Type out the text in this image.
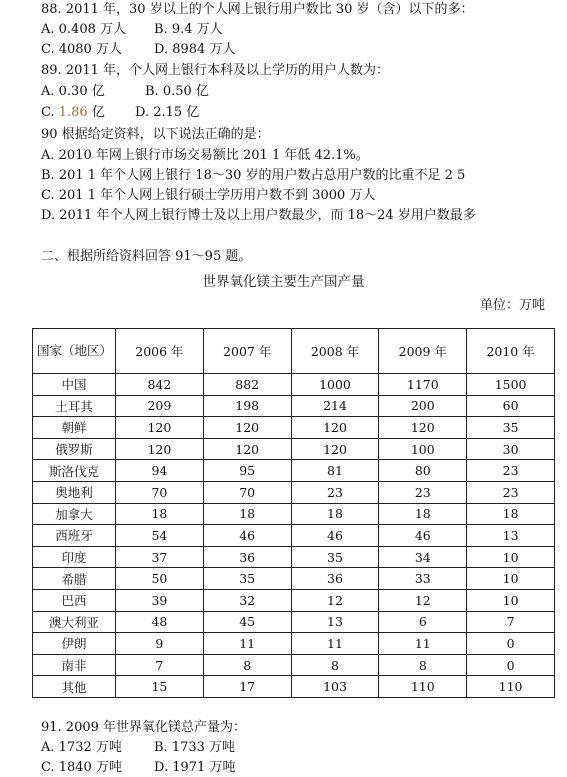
88. 2011 年，30 岁以上的个人网上银行用户数比 30 岁（含）以下的多：
A. 0.408 万人 B. 9.4 万人
C. 4080 万人 D. 8984 万人
89. 2011 年，个人网上银行本科及以上学历的用户人数为：
A. 0.30 亿	B. 0.50 亿
C. 1.86 亿 D. 2.15 亿
90 根据给定资料，以下说法正确的是：
A. 2010 年网上银行市场交易额比 201 1 年低 42.1%。
B. 201 1 年个人网上银行 18～30 岁的用户数占总用户数的比重不足 2 5
C. 201 1 年个人网上银行硕士学历用户数不到 3000 万人
D. 2011 年个人网上银行博士及以上用户数最少，而 18～24 岁用户数最多
二、根据所给资料回答 91～95 题。
世界氧化镁主要生产国产量
单位：万吨
国家（地区）	2006 年	2007 年	2008 年	2009 年	2010 年
中国	842	882	1000	1170	1500
土耳其	209	198	214	200	60
朝鲜	120	120	120	120	35
俄罗斯	120	120	120	100	30
斯洛伐克	94	95	81	80	23
奥地利	70	70	23	23	23
加拿大	18	18	18	18	18
西班牙	54	46	46	46	13
印度	37	36	35	34	10
希腊	50	35	36	33	10
巴西	39	32	12	12	10
澳大利亚	48	45	13	6	7
伊朗	9	11	11	11	0
南非	7	8	8	8	0
其他	15	17	103	110	110
91. 2009 年世界氧化镁总产量为：
A. 1732 万吨 B. 1733 万吨
C. 1840 万吨 D. 1971 万吨
